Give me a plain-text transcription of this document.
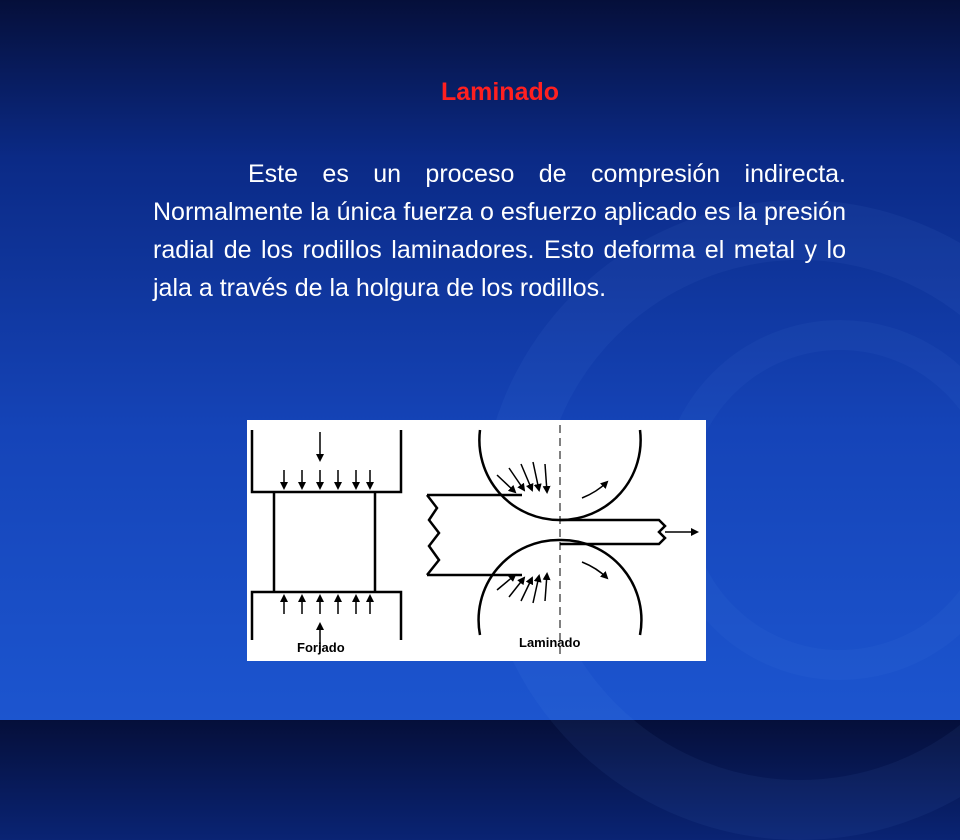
Laminado
Este es un proceso de compresión indirecta. Normalmente la única fuerza o esfuerzo aplicado es la presión radial de los rodillos laminadores. Esto deforma el metal y lo jala a través de la holgura de los rodillos.
Forjado	Laminado
